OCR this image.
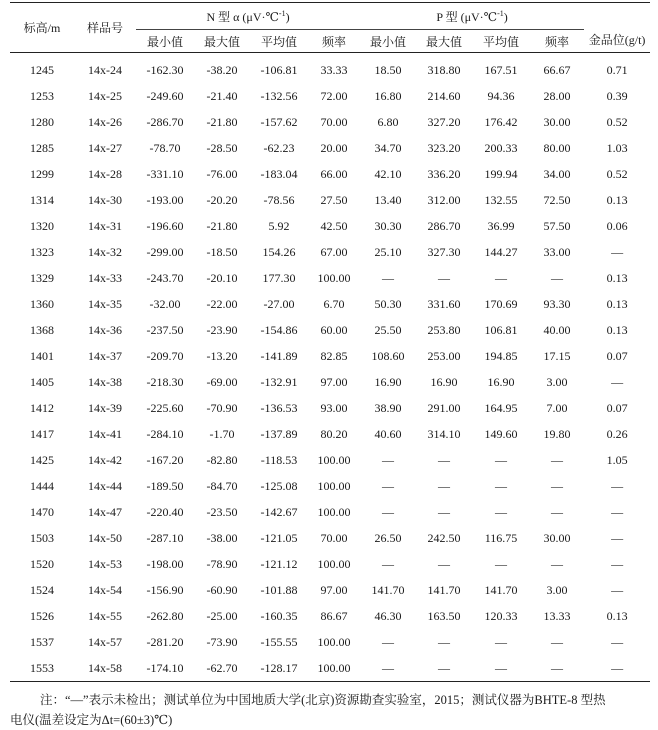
标高/m	样品号	N 型 α (μV·℃$^{-1}$)				P 型 (μV·℃$^{-1}$)				金品位(g/t)
		最小值	最大值	平均值	频率	最小值	最大值	平均值	频率	
1245	14x-24	-162.30	-38.20	-106.81	33.33	18.50	318.80	167.51	66.67	0.71
1253	14x-25	-249.60	-21.40	-132.56	72.00	16.80	214.60	94.36	28.00	0.39
1280	14x-26	-286.70	-21.80	-157.62	70.00	6.80	327.20	176.42	30.00	0.52
1285	14x-27	-78.70	-28.50	-62.23	20.00	34.70	323.20	200.33	80.00	1.03
1299	14x-28	-331.10	-76.00	-183.04	66.00	42.10	336.20	199.94	34.00	0.52
1314	14x-30	-193.00	-20.20	-78.56	27.50	13.40	312.00	132.55	72.50	0.13
1320	14x-31	-196.60	-21.80	5.92	42.50	30.30	286.70	36.99	57.50	0.06
1323	14x-32	-299.00	-18.50	154.26	67.00	25.10	327.30	144.27	33.00	—
1329	14x-33	-243.70	-20.10	177.30	100.00	—	—	—	—	0.13
1360	14x-35	-32.00	-22.00	-27.00	6.70	50.30	331.60	170.69	93.30	0.13
1368	14x-36	-237.50	-23.90	-154.86	60.00	25.50	253.80	106.81	40.00	0.13
1401	14x-37	-209.70	-13.20	-141.89	82.85	108.60	253.00	194.85	17.15	0.07
1405	14x-38	-218.30	-69.00	-132.91	97.00	16.90	16.90	16.90	3.00	—
1412	14x-39	-225.60	-70.90	-136.53	93.00	38.90	291.00	164.95	7.00	0.07
1417	14x-41	-284.10	-1.70	-137.89	80.20	40.60	314.10	149.60	19.80	0.26
1425	14x-42	-167.20	-82.80	-118.53	100.00	—	—	—	—	1.05
1444	14x-44	-189.50	-84.70	-125.08	100.00	—	—	—	—	—
1470	14x-47	-220.40	-23.50	-142.67	100.00	—	—	—	—	—
1503	14x-50	-287.10	-38.00	-121.05	70.00	26.50	242.50	116.75	30.00	—
1520	14x-53	-198.00	-78.90	-121.12	100.00	—	—	—	—	—
1524	14x-54	-156.90	-60.90	-101.88	97.00	141.70	141.70	141.70	3.00	—
1526	14x-55	-262.80	-25.00	-160.35	86.67	46.30	163.50	120.33	13.33	0.13
1537	14x-57	-281.20	-73.90	-155.55	100.00	—	—	—	—	—
1553	14x-58	-174.10	-62.70	-128.17	100.00	—	—	—	—	—
注：“—”表示未检出；测试单位为中国地质大学(北京)资源勘查实验室，2015；测试仪器为BHTE-8 型热

电仪(温差设定为Δt=(60±3)℃)
